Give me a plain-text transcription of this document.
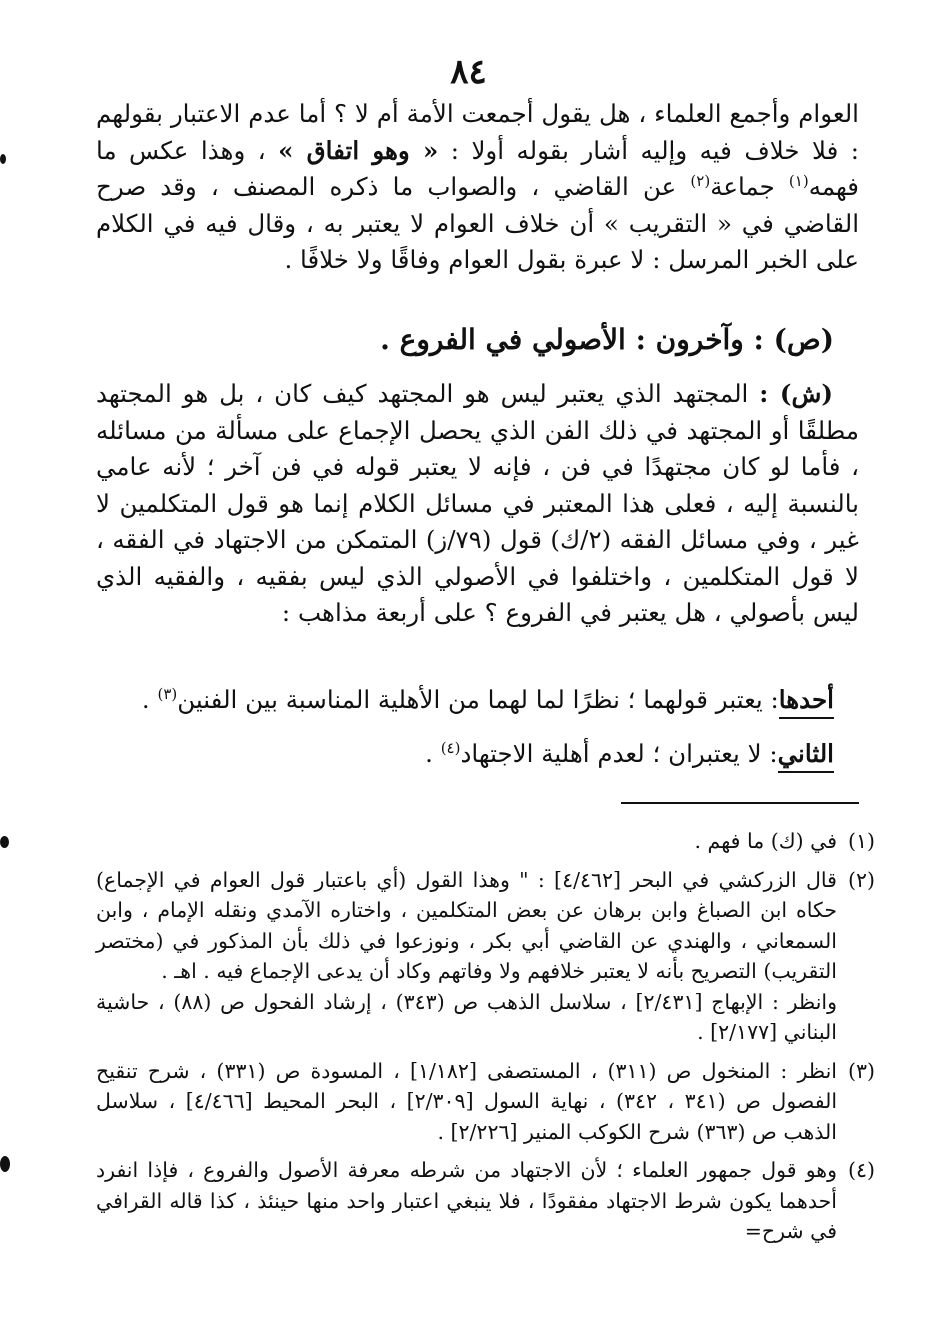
٨٤

العوام وأجمع العلماء ، هل يقول أجمعت الأمة أم لا ؟ أما عدم الاعتبار بقولهم : فلا خلاف فيه وإليه أشار بقوله أولا : « وهو اتفاق » ، وهذا عكس ما فهمه$^{(١)}$ جماعة$^{(٢)}$ عن القاضي ، والصواب ما ذكره المصنف ، وقد صرح القاضي في « التقريب » أن خلاف العوام لا يعتبر به ، وقال فيه في الكلام على الخبر المرسل : لا عبرة بقول العوام وفاقًا ولا خلافًا .

(ص) : وآخرون : الأصولي في الفروع .

(ش) : المجتهد الذي يعتبر ليس هو المجتهد كيف كان ، بل هو المجتهد مطلقًا أو المجتهد في ذلك الفن الذي يحصل الإجماع على مسألة من مسائله ، فأما لو كان مجتهدًا في فن ، فإنه لا يعتبر قوله في فن آخر ؛ لأنه عامي بالنسبة إليه ، فعلى هذا المعتبر في مسائل الكلام إنما هو قول المتكلمين لا غير ، وفي مسائل الفقه (٢/ك) قول (٧٩/ز) المتمكن من الاجتهاد في الفقه ، لا قول المتكلمين ، واختلفوا في الأصولي الذي ليس بفقيه ، والفقيه الذي ليس بأصولي ، هل يعتبر في الفروع ؟ على أربعة مذاهب :

أحدها: يعتبر قولهما ؛ نظرًا لما لهما من الأهلية المناسبة بين الفنين$^{(٣)}$ .
الثاني: لا يعتبران ؛ لعدم أهلية الاجتهاد$^{(٤)}$ .
(١)

في (ك) ما فهم .

(٢)

قال الزركشي في البحر [٤/٤٦٢] : " وهذا القول (أي باعتبار قول العوام في الإجماع) حكاه ابن الصباغ وابن برهان عن بعض المتكلمين ، واختاره الآمدي ونقله الإمام ، وابن السمعاني ، والهندي عن القاضي أبي بكر ، ونوزعوا في ذلك بأن المذكور في (مختصر التقريب) التصريح بأنه لا يعتبر خلافهم ولا وفاتهم وكاد أن يدعى الإجماع فيه . اهـ .

وانظر : الإبهاج [٢/٤٣١] ، سلاسل الذهب ص (٣٤٣) ، إرشاد الفحول ص (٨٨) ، حاشية البناني [٢/١٧٧] .

(٣)

انظر : المنخول ص (٣١١) ، المستصفى [١/١٨٢] ، المسودة ص (٣٣١) ، شرح تنقيح الفصول ص (٣٤١ ، ٣٤٢) ، نهاية السول [٢/٣٠٩] ، البحر المحيط [٤/٤٦٦] ، سلاسل الذهب ص (٣٦٣) شرح الكوكب المنير [٢/٢٢٦] .

(٤)

وهو قول جمهور العلماء ؛ لأن الاجتهاد من شرطه معرفة الأصول والفروع ، فإذا انفرد أحدهما يكون شرط الاجتهاد مفقودًا ، فلا ينبغي اعتبار واحد منها حينئذ ، كذا قاله القرافي في شرح=
